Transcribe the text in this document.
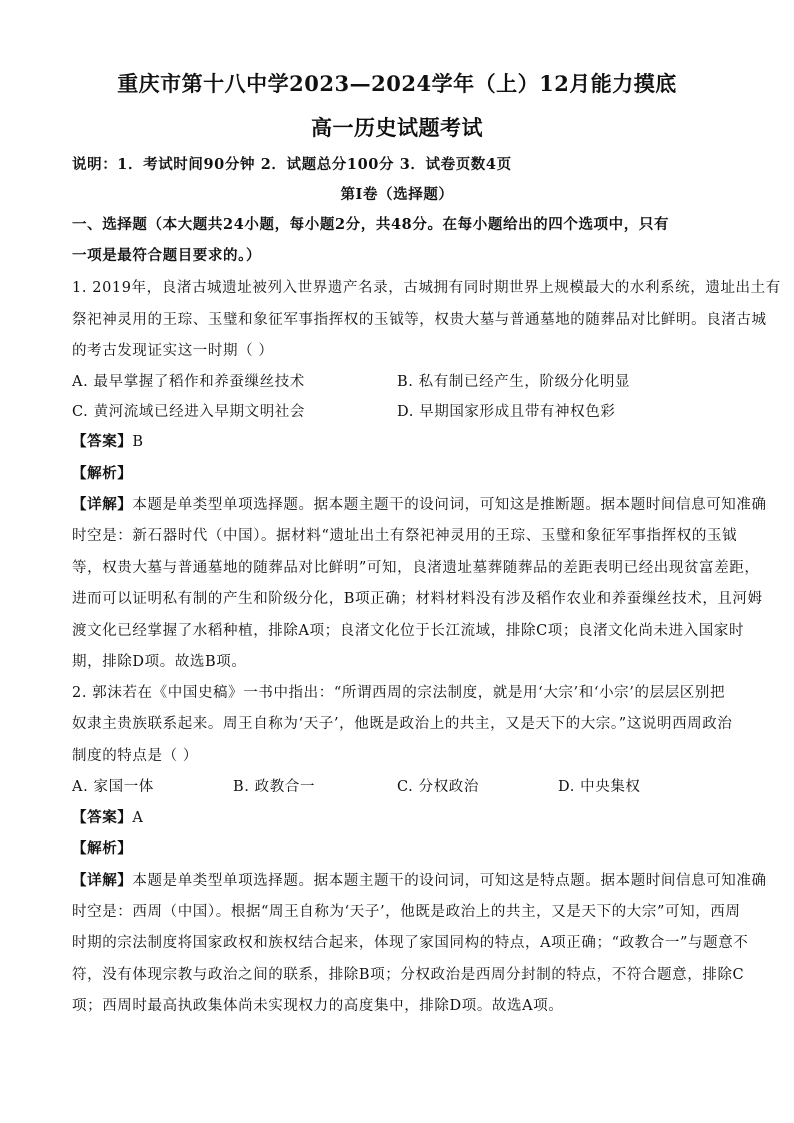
重庆市第十八中学2023—2024学年（上）12月能力摸底
高一历史试题考试
说明：1．考试时间90分钟 2．试题总分100分 3．试卷页数4页
第Ⅰ卷（选择题）
一、选择题（本大题共24小题，每小题2分，共48分。在每小题给出的四个选项中，只有
一项是最符合题目要求的。）
1. 2019年，良渚古城遗址被列入世界遗产名录，古城拥有同时期世界上规模最大的水利系统，遗址出土有
祭祀神灵用的王琮、玉璧和象征军事指挥权的玉钺等，权贵大墓与普通墓地的随葬品对比鲜明。良渚古城
的考古发现证实这一时期（ ）
A. 最早掌握了稻作和养蚕缫丝技术	B. 私有制已经产生，阶级分化明显
C. 黄河流域已经进入早期文明社会	D. 早期国家形成且带有神权色彩
【答案】B
【解析】
【详解】本题是单类型单项选择题。据本题主题干的设问词，可知这是推断题。据本题时间信息可知准确
时空是：新石器时代（中国）。据材料“遗址出土有祭祀神灵用的王琮、玉璧和象征军事指挥权的玉钺
等，权贵大墓与普通墓地的随葬品对比鲜明”可知，良渚遗址墓葬随葬品的差距表明已经出现贫富差距，
进而可以证明私有制的产生和阶级分化，B项正确；材料材料没有涉及稻作农业和养蚕缫丝技术，且河姆
渡文化已经掌握了水稻种植，排除A项；良渚文化位于长江流域，排除C项；良渚文化尚未进入国家时
期，排除D项。故选B项。
2. 郭沫若在《中国史稿》一书中指出：“所谓西周的宗法制度，就是用‘大宗’和‘小宗’的层层区别把
奴隶主贵族联系起来。周王自称为‘天子’，他既是政治上的共主，又是天下的大宗。”这说明西周政治
制度的特点是（ ）
A. 家国一体	B. 政教合一	C. 分权政治	D. 中央集权
【答案】A
【解析】
【详解】本题是单类型单项选择题。据本题主题干的设问词，可知这是特点题。据本题时间信息可知准确
时空是：西周（中国）。根据“周王自称为‘天子’，他既是政治上的共主，又是天下的大宗”可知，西周
时期的宗法制度将国家政权和族权结合起来，体现了家国同构的特点，A项正确；“政教合一”与题意不
符，没有体现宗教与政治之间的联系，排除B项；分权政治是西周分封制的特点，不符合题意，排除C
项；西周时最高执政集体尚未实现权力的高度集中，排除D项。故选A项。
